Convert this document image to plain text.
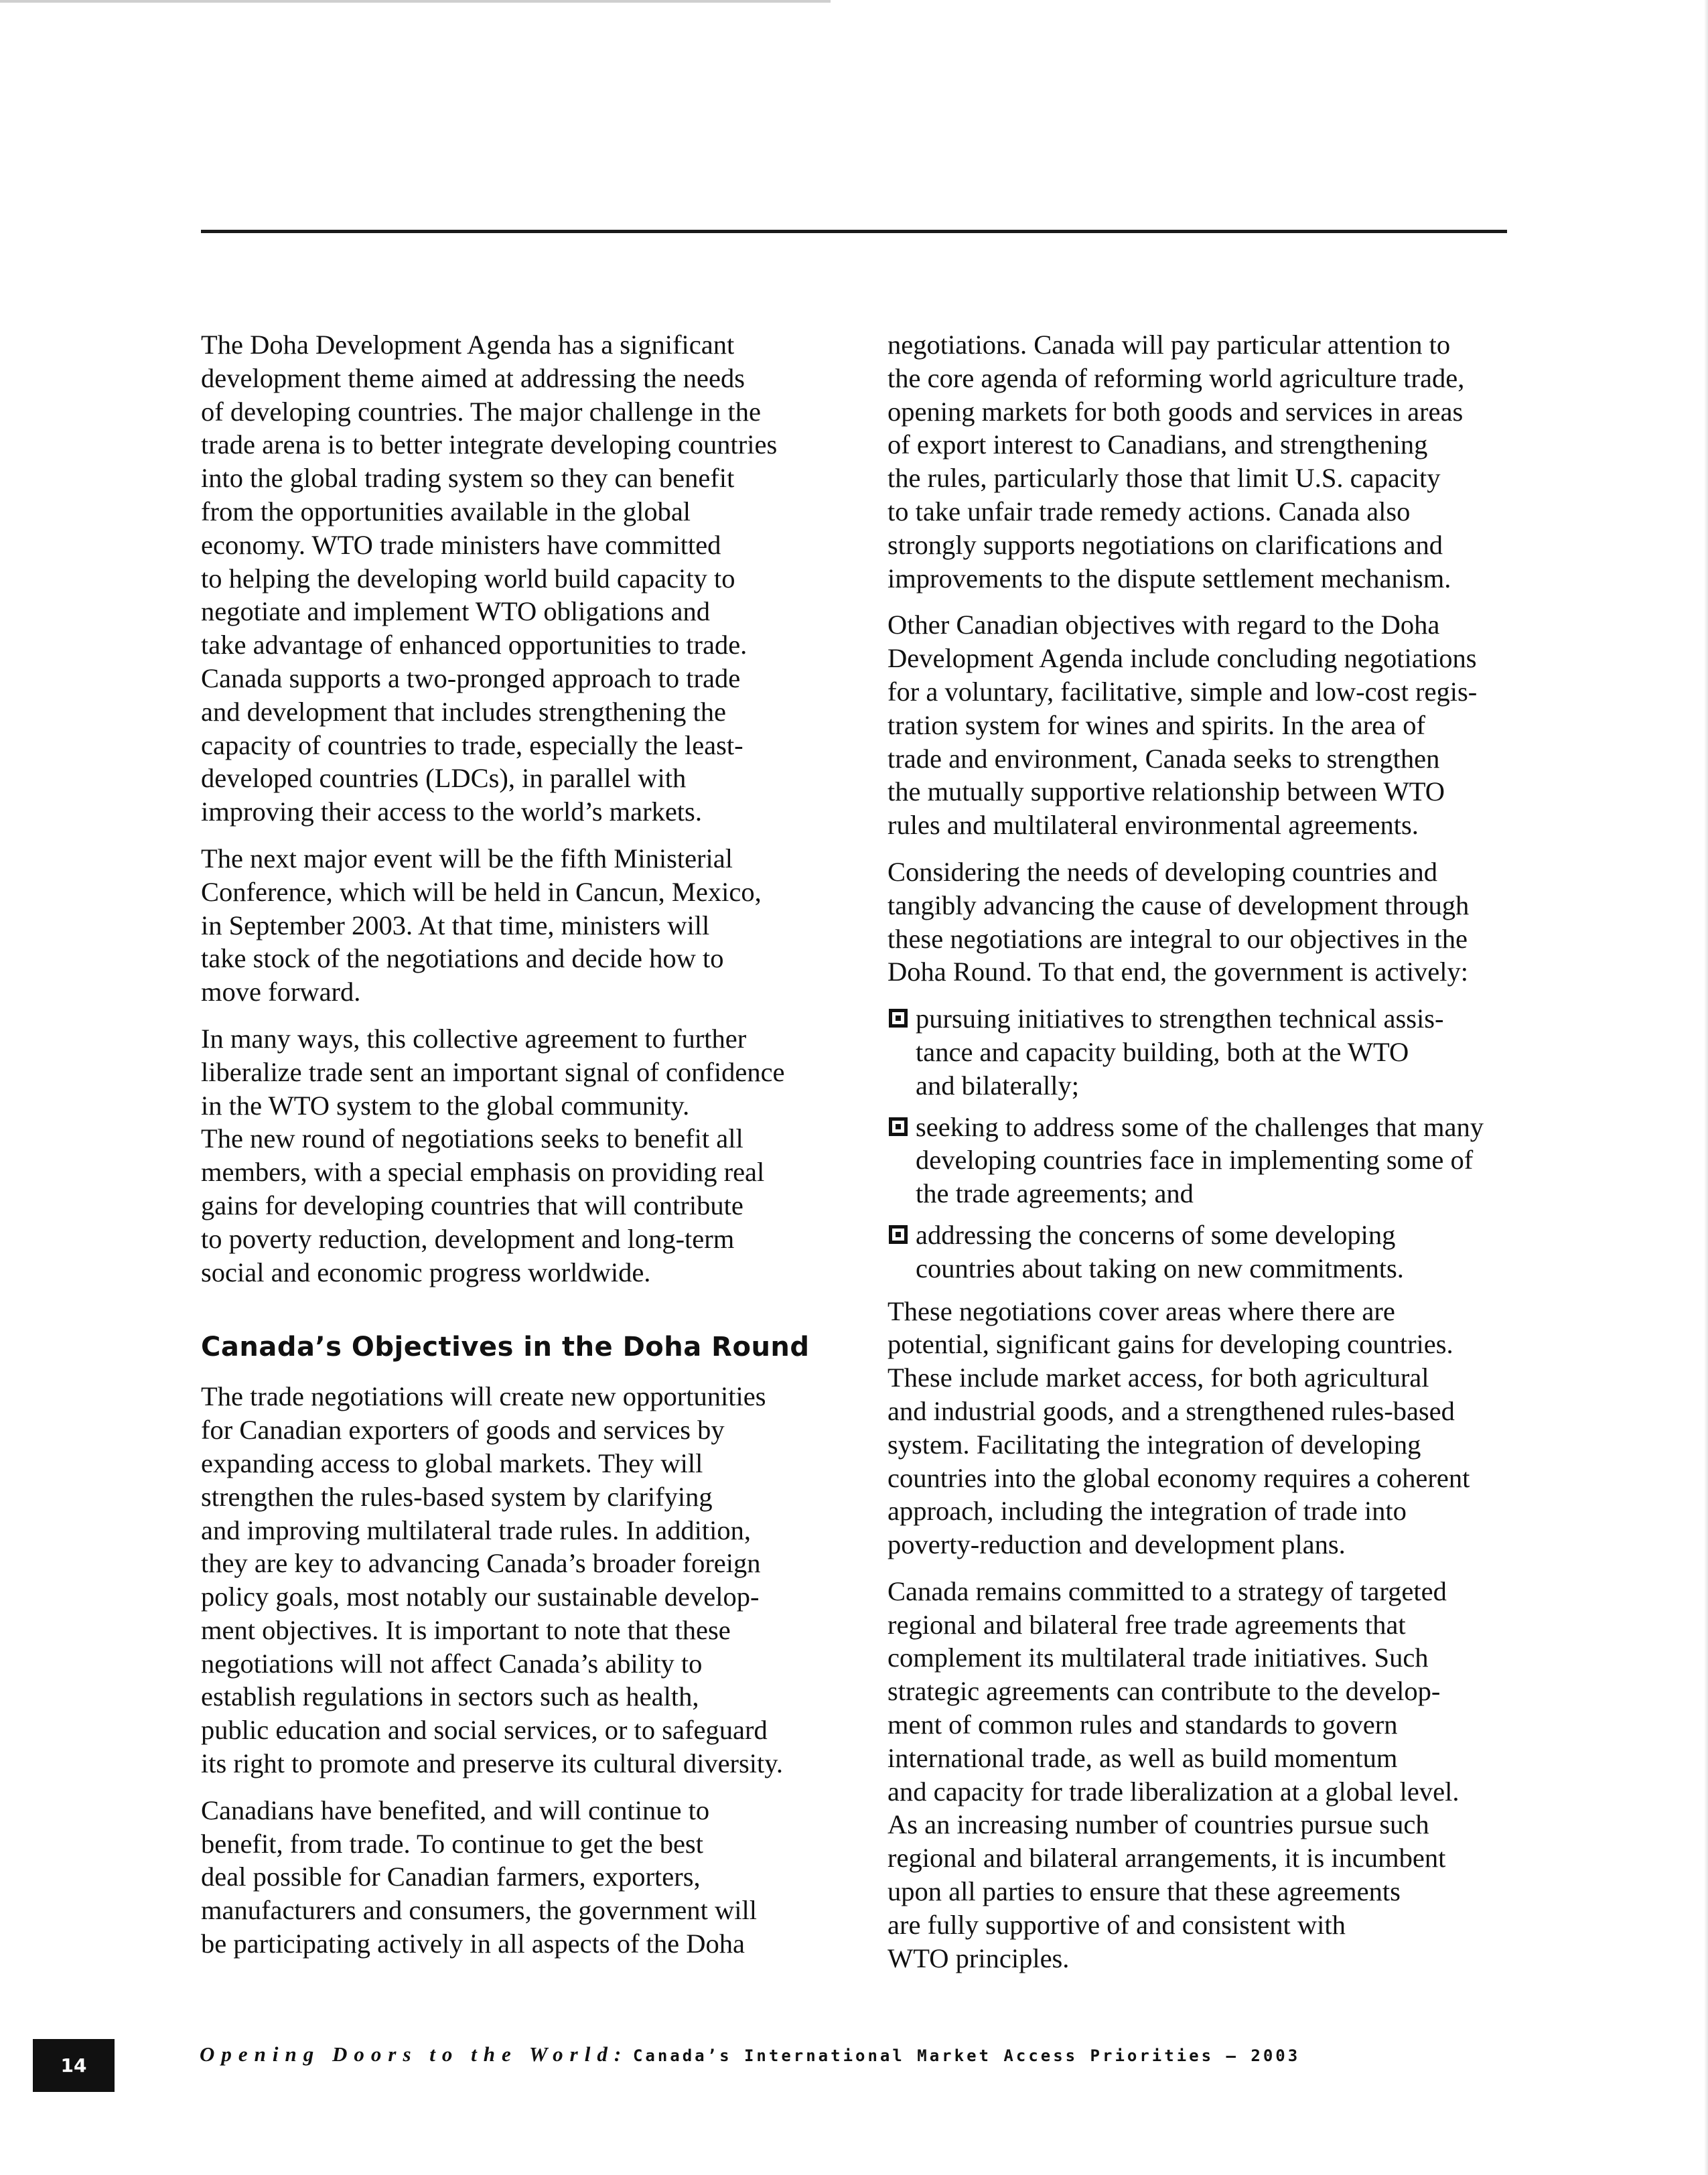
The Doha Development Agenda has a significant
development theme aimed at addressing the needs
of developing countries. The major challenge in the
trade arena is to better integrate developing countries
into the global trading system so they can benefit
from the opportunities available in the global
economy. WTO trade ministers have committed
to helping the developing world build capacity to
negotiate and implement WTO obligations and
take advantage of enhanced opportunities to trade.
Canada supports a two-pronged approach to trade
and development that includes strengthening the
capacity of countries to trade, especially the least-
developed countries (LDCs), in parallel with
improving their access to the world’s markets.

The next major event will be the fifth Ministerial
Conference, which will be held in Cancun, Mexico,
in September 2003. At that time, ministers will
take stock of the negotiations and decide how to
move forward.

In many ways, this collective agreement to further
liberalize trade sent an important signal of confidence
in the WTO system to the global community.
The new round of negotiations seeks to benefit all
members, with a special emphasis on providing real
gains for developing countries that will contribute
to poverty reduction, development and long-term
social and economic progress worldwide.

Canada’s Objectives in the Doha Round

The trade negotiations will create new opportunities
for Canadian exporters of goods and services by
expanding access to global markets. They will
strengthen the rules-based system by clarifying
and improving multilateral trade rules. In addition,
they are key to advancing Canada’s broader foreign
policy goals, most notably our sustainable develop-
ment objectives. It is important to note that these
negotiations will not affect Canada’s ability to
establish regulations in sectors such as health,
public education and social services, or to safeguard
its right to promote and preserve its cultural diversity.

Canadians have benefited, and will continue to
benefit, from trade. To continue to get the best
deal possible for Canadian farmers, exporters,
manufacturers and consumers, the government will
be participating actively in all aspects of the Doha

negotiations. Canada will pay particular attention to
the core agenda of reforming world agriculture trade,
opening markets for both goods and services in areas
of export interest to Canadians, and strengthening
the rules, particularly those that limit U.S. capacity
to take unfair trade remedy actions. Canada also
strongly supports negotiations on clarifications and
improvements to the dispute settlement mechanism.

Other Canadian objectives with regard to the Doha
Development Agenda include concluding negotiations
for a voluntary, facilitative, simple and low-cost regis-
tration system for wines and spirits. In the area of
trade and environment, Canada seeks to strengthen
the mutually supportive relationship between WTO
rules and multilateral environmental agreements.

Considering the needs of developing countries and
tangibly advancing the cause of development through
these negotiations are integral to our objectives in the
Doha Round. To that end, the government is actively:

pursuing initiatives to strengthen technical assis-
tance and capacity building, both at the WTO
and bilaterally;
seeking to address some of the challenges that many
developing countries face in implementing some of
the trade agreements; and
addressing the concerns of some developing
countries about taking on new commitments.

These negotiations cover areas where there are
potential, significant gains for developing countries.
These include market access, for both agricultural
and industrial goods, and a strengthened rules-based
system. Facilitating the integration of developing
countries into the global economy requires a coherent
approach, including the integration of trade into
poverty-reduction and development plans.

Canada remains committed to a strategy of targeted
regional and bilateral free trade agreements that
complement its multilateral trade initiatives. Such
strategic agreements can contribute to the develop-
ment of common rules and standards to govern
international trade, as well as build momentum
and capacity for trade liberalization at a global level.
As an increasing number of countries pursue such
regional and bilateral arrangements, it is incumbent
upon all parties to ensure that these agreements
are fully supportive of and consistent with
WTO principles.

14	Opening Doors to the World: Canada’s International Market Access Priorities – 2003
